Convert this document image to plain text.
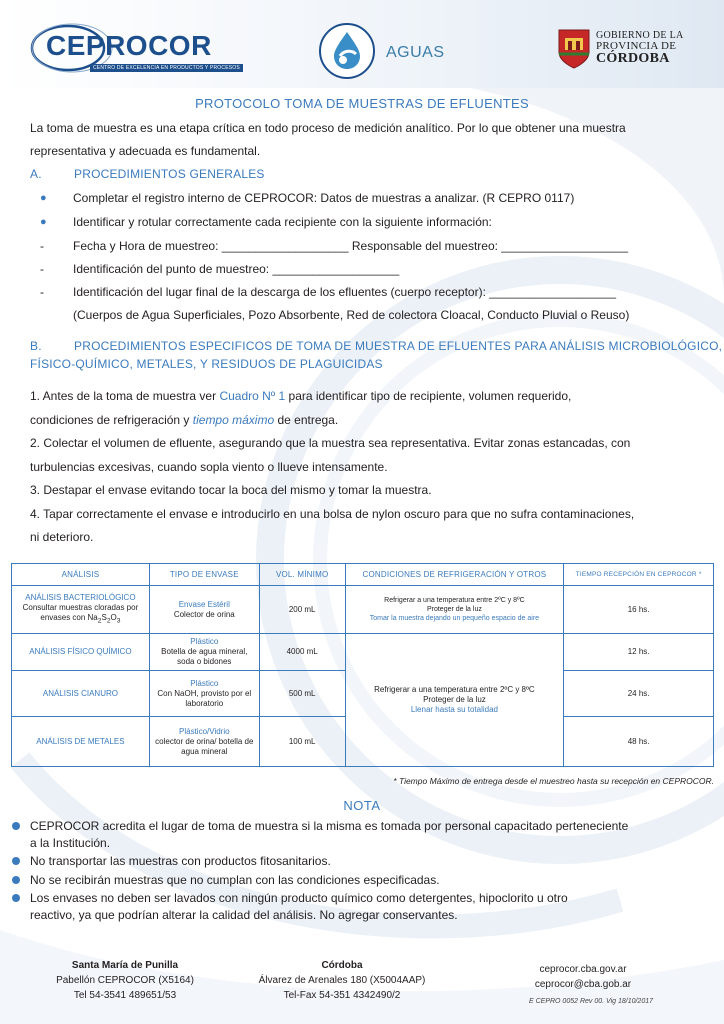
CEPROCOR
CENTRO DE EXCELENCIA EN PRODUCTOS Y PROCESOS
AGUAS
GOBIERNO DE LA
PROVINCIA DE
CÓRDOBA
PROTOCOLO TOMA DE MUESTRAS DE EFLUENTES
La toma de muestra es una etapa crítica en todo proceso de medición analítico. Por lo que obtener una muestra
representativa y adecuada es fundamental.
A.	PROCEDIMIENTOS GENERALES
● Completar el registro interno de CEPROCOR: Datos de muestras a analizar. (R CEPRO 0117)
● Identificar y rotular correctamente cada recipiente con la siguiente información:
- Fecha y Hora de muestreo: ___________________ Responsable del muestreo: ___________________
- Identificación del punto de muestreo: ___________________
- Identificación del lugar final de la descarga de los efluentes (cuerpo receptor): ___________________
(Cuerpos de Agua Superficiales, Pozo Absorbente, Red de colectora Cloacal, Conducto Pluvial o Reuso)
B.	PROCEDIMIENTOS ESPECIFICOS DE TOMA DE MUESTRA DE EFLUENTES PARA ANÁLISIS MICROBIOLÓGICO,
FÍSICO-QUÍMICO, METALES, Y RESIDUOS DE PLAGUICIDAS
1. Antes de la toma de muestra ver Cuadro Nº 1 para identificar tipo de recipiente, volumen requerido,
condiciones de refrigeración y tiempo máximo de entrega.
2. Colectar el volumen de efluente, asegurando que la muestra sea representativa. Evitar zonas estancadas, con
turbulencias excesivas, cuando sopla viento o llueve intensamente.
3. Destapar el envase evitando tocar la boca del mismo y tomar la muestra.
4. Tapar correctamente el envase e introducirlo en una bolsa de nylon oscuro para que no sufra contaminaciones,
ni deterioro.
ANÁLISIS	TIPO DE ENVASE	VOL. MÍNIMO	CONDICIONES DE REFRIGERACIÓN Y OTROS	TIEMPO RECEPCIÓN EN CEPROCOR *

ANÁLISIS BACTERIOLÓGICO
Consultar muestras cloradas por envases con $Na_2S_2O_3$	Envase Estéril
Colector de orina	200 mL	Refrigerar a una temperatura entre 2ºC y 8ºC
Proteger de la luz
Tomar la muestra dejando un pequeño espacio de aire	16 hs.
ANÁLISIS FÍSICO QUÍMICO	Plástico
Botella de agua mineral, soda o bidones	4000 mL	Refrigerar a una temperatura entre 2ºC y 8ºC
Proteger de la luz
Llenar hasta su totalidad	12 hs.
ANÁLISIS CIANURO	Plástico
Con NaOH, provisto por el laboratorio	500 mL		24 hs.
ANÁLISIS DE METALES	Plástico/Vidrio
colector de orina/ botella de agua mineral	100 mL		48 hs.
* Tiempo Máximo de entrega desde el muestreo hasta su recepción en CEPROCOR.
NOTA
CEPROCOR acredita el lugar de toma de muestra si la misma es tomada por personal capacitado perteneciente
a la Institución.
No transportar las muestras con productos fitosanitarios.
No se recibirán muestras que no cumplan con las condiciones especificadas.
Los envases no deben ser lavados con ningún producto químico como detergentes, hipoclorito u otro
reactivo, ya que podrían alterar la calidad del análisis. No agregar conservantes.
Santa María de Punilla
Pabellón CEPROCOR (X5164)
Tel 54-3541 489651/53
Córdoba
Álvarez de Arenales 180 (X5004AAP)
Tel-Fax 54-351 4342490/2
ceprocor.cba.gov.ar
ceprocor@cba.gob.ar
E CEPRO 0052 Rev 00. Vig 18/10/2017
